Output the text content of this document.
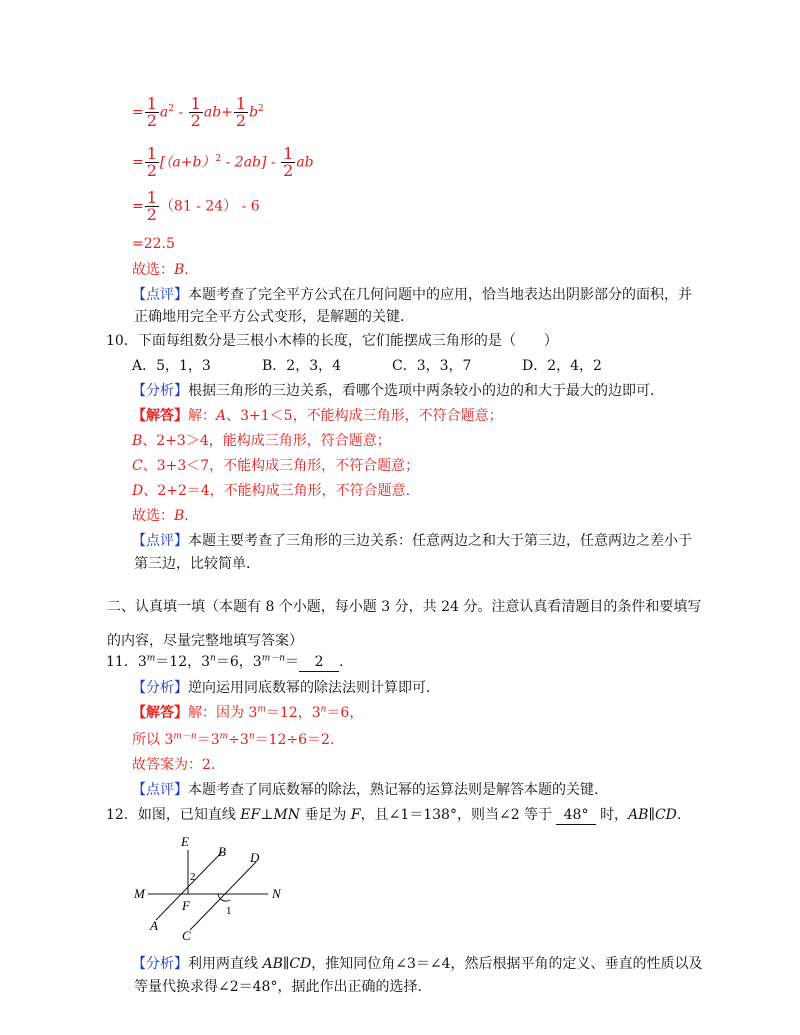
= $\frac{1}{2} a^2 - \frac{1}{2} ab+ \frac{1}{2} b^2$
= $\frac{1}{2} [(a+b)^2 - 2ab] - \frac{1}{2}$ ab
= $\frac{1}{2} (81 - 24) - 6$
=22.5
故选：B.
【点评】本题考查了完全平方公式在几何问题中的应用，恰当地表达出阴影部分的面积，并
正确地用完全平方公式变形，是解题的关键.
10．下面每组数分是三根小木棒的长度，它们能摆成三角形的是（　　）
A．5，1，3	B．2，3，4	C．3，3，7	D．2，4，2
【分析】根据三角形的三边关系，看哪个选项中两条较小的边的和大于最大的边即可.
【解答】解：A、3+1＜5，不能构成三角形，不符合题意；
B、2+3＞4，能构成三角形，符合题意；
C、3+3＜7，不能构成三角形，不符合题意；
D、2+2＝4，不能构成三角形，不符合题意.
故选：B.
【点评】本题主要考查了三角形的三边关系：任意两边之和大于第三边，任意两边之差小于
第三边，比较简单.
二、认真填一填（本题有 8 个小题，每小题 3 分，共 24 分。注意认真看清题目的条件和要填写
的内容，尽量完整地填写答案）
11．$3^m=12$，$3^n=6$，$3^{m-n}= 2$ .
【分析】逆向运用同底数幂的除法法则计算即可.
【解答】解：因为 $3^m=12$，$3^n=6$，
所以 $3^{m-n}=3^m\div 3^n=12\div 6=2$.
故答案为：2.
【点评】本题考查了同底数幂的除法，熟记幂的运算法则是解答本题的关键.
12．如图，已知直线 EF⊥MN 垂足为 F，且∠1＝138°，则当∠2 等于 48° 时，AB∥CD.
E
B D
M	N
F
A
C
1
2
【分析】利用两直线 AB∥CD，推知同位角∠3＝∠4，然后根据平角的定义、垂直的性质以及
等量代换求得∠2＝48°，据此作出正确的选择.
